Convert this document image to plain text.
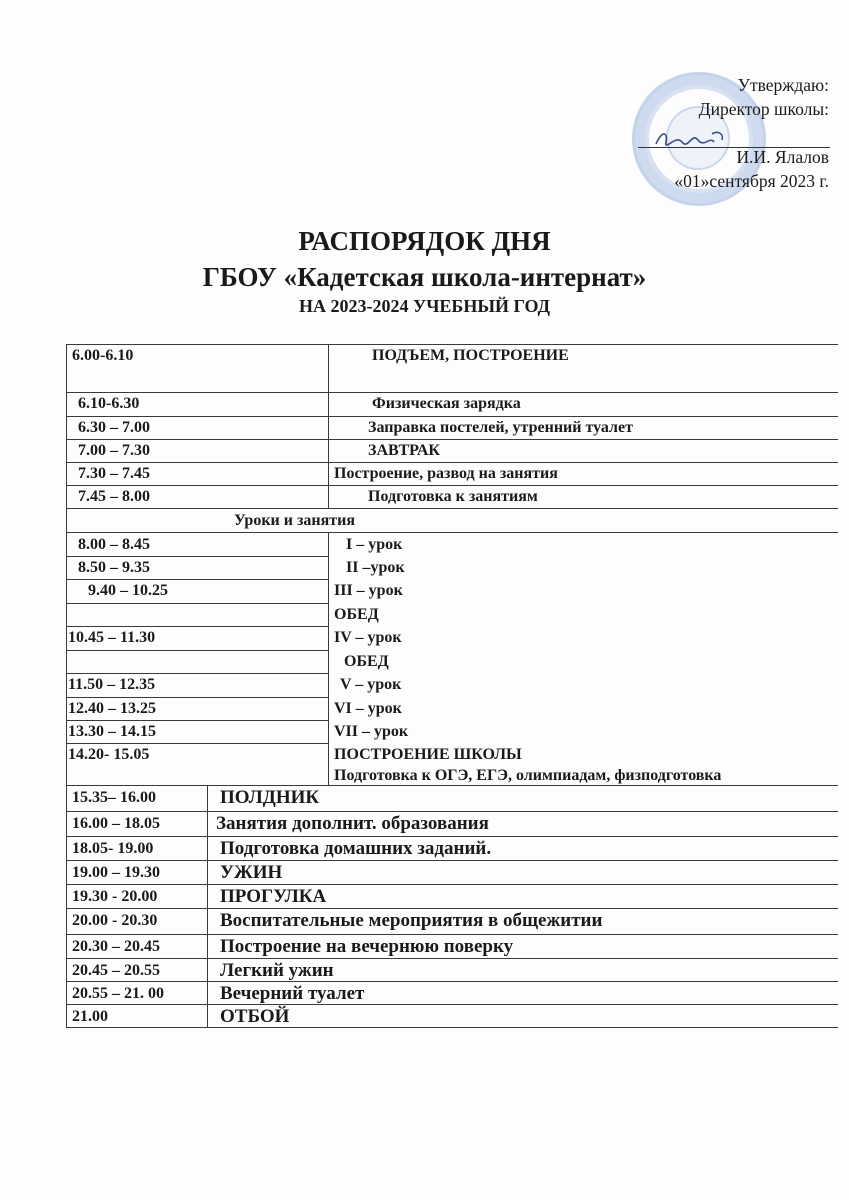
Утверждаю:
Директор школы:
И.И. Ялалов
«01»сентября 2023 г.
РАСПОРЯДОК ДНЯ
ГБОУ «Кадетская школа-интернат»
НА 2023-2024 УЧЕБНЫЙ ГОД
6.00-6.10	ПОДЪЕМ, ПОСТРОЕНИЕ
6.10-6.30	Физическая зарядка
6.30 – 7.00	Заправка постелей, утренний туалет
7.00 – 7.30	ЗАВТРАК
7.30 – 7.45	Построение, развод на занятия
7.45 – 8.00	Подготовка к занятиям
Уроки и занятия
8.00 – 8.45	I – урок
8.50 – 9.35	II –урок
9.40 – 10.25	III – урок
ОБЕД
10.45 – 11.30	IV – урок
ОБЕД
11.50 – 12.35	V – урок
12.40 – 13.25	VI – урок
13.30 – 14.15	VII – урок
14.20- 15.05	ПОСТРОЕНИЕ ШКОЛЫ
Подготовка к ОГЭ, ЕГЭ, олимпиадам, физподготовка
15.35– 16.00	ПОЛДНИК
16.00 – 18.05	Занятия дополнит. образования
18.05- 19.00	Подготовка домашних заданий.
19.00 – 19.30	УЖИН
19.30 - 20.00	ПРОГУЛКА
20.00 - 20.30	Воспитательные мероприятия в общежитии
20.30 – 20.45	Построение на вечернюю поверку
20.45 – 20.55	Легкий ужин
20.55 – 21. 00	Вечерний туалет
21.00	ОТБОЙ
